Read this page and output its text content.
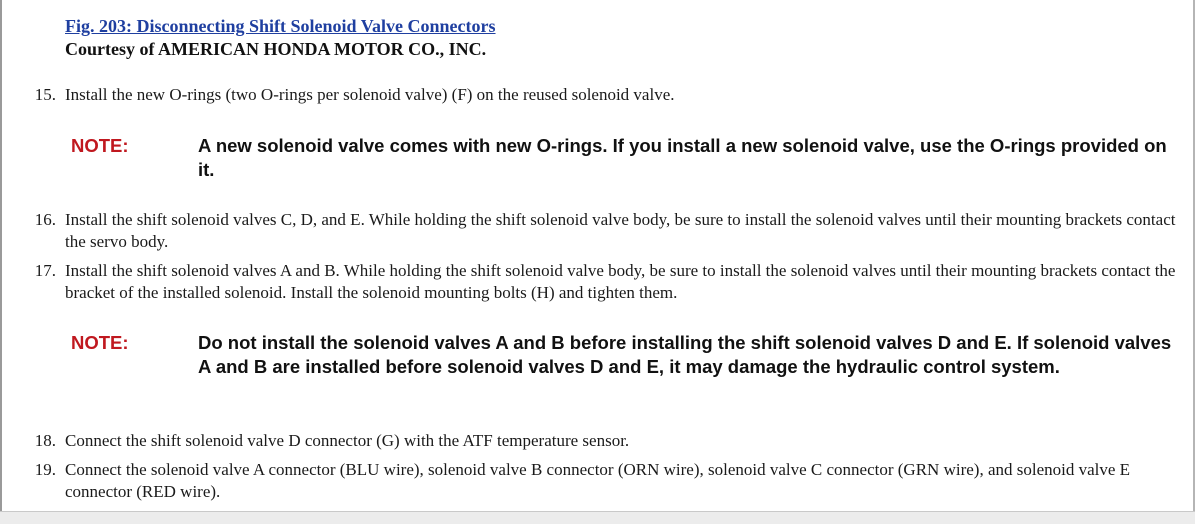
Fig. 203: Disconnecting Shift Solenoid Valve Connectors
Courtesy of AMERICAN HONDA MOTOR CO., INC.
15. Install the new O-rings (two O-rings per solenoid valve) (F) on the reused solenoid valve.
NOTE:	A new solenoid valve comes with new O-rings. If you install a new solenoid valve, use the O-rings provided on it.
16. Install the shift solenoid valves C, D, and E. While holding the shift solenoid valve body, be sure to install the solenoid valves until their mounting brackets contact the servo body.
17. Install the shift solenoid valves A and B. While holding the shift solenoid valve body, be sure to install the solenoid valves until their mounting brackets contact the bracket of the installed solenoid. Install the solenoid mounting bolts (H) and tighten them.
NOTE:	Do not install the solenoid valves A and B before installing the shift solenoid valves D and E. If solenoid valves A and B are installed before solenoid valves D and E, it may damage the hydraulic control system.
18. Connect the shift solenoid valve D connector (G) with the ATF temperature sensor.
19. Connect the solenoid valve A connector (BLU wire), solenoid valve B connector (ORN wire), solenoid valve C connector (GRN wire), and solenoid valve E connector (RED wire).
